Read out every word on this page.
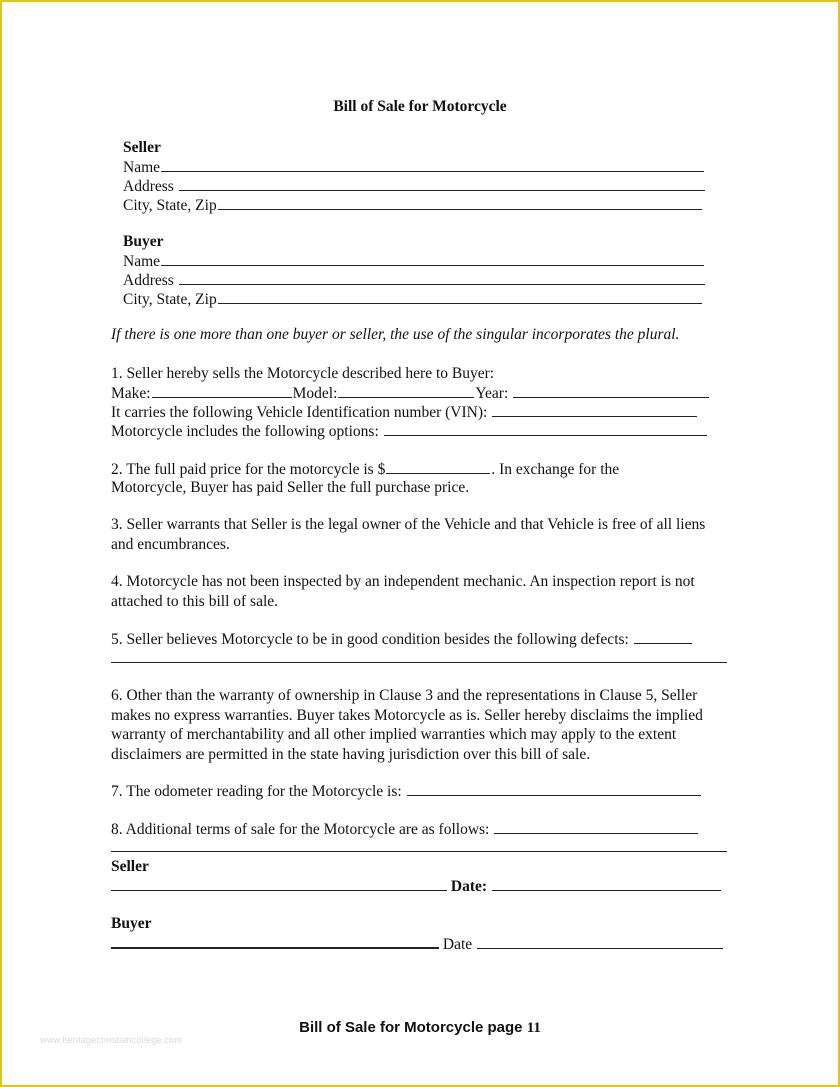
Bill of Sale for Motorcycle
Seller
Name
Address
City, State, Zip
Buyer
Name
Address
City, State, Zip
If there is one more than one buyer or seller, the use of the singular incorporates the plural.
1. Seller hereby sells the Motorcycle described here to Buyer:
Make:	Model:	Year:
It carries the following Vehicle Identification number (VIN):
Motorcycle includes the following options:
2. The full paid price for the motorcycle is $	. In exchange for the
Motorcycle, Buyer has paid Seller the full purchase price.
3. Seller warrants that Seller is the legal owner of the Vehicle and that Vehicle is free of all liens and encumbrances.
4. Motorcycle has not been inspected by an independent mechanic. An inspection report is not attached to this bill of sale.
5. Seller believes Motorcycle to be in good condition besides the following defects:
6. Other than the warranty of ownership in Clause 3 and the representations in Clause 5, Seller makes no express warranties. Buyer takes Motorcycle as is. Seller hereby disclaims the implied warranty of merchantability and all other implied warranties which may apply to the extent disclaimers are permitted in the state having jurisdiction over this bill of sale.
7. The odometer reading for the Motorcycle is:
8. Additional terms of sale for the Motorcycle are as follows:
Seller
Date:
Buyer
Date
www.heritagechristiancollege.com
Bill of Sale for Motorcycle page 11
